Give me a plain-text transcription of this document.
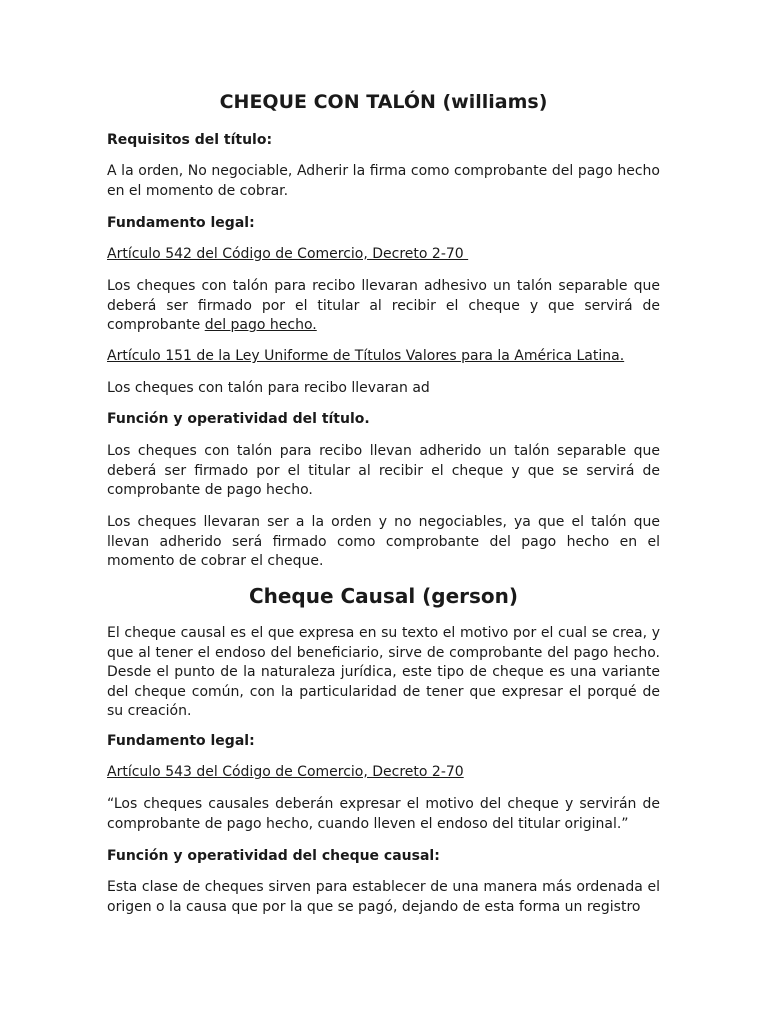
CHEQUE CON TALÓN (williams)

Requisitos del título:

A la orden, No negociable, Adherir la firma como comprobante del pago hecho en el momento de cobrar.

Fundamento legal:

Artículo 542 del Código de Comercio, Decreto 2-70

Los cheques con talón para recibo llevaran adhesivo un talón separable que deberá ser firmado por el titular al recibir el cheque y que servirá de comprobante del pago hecho.

Artículo 151 de la Ley Uniforme de Títulos Valores para la América Latina.

Los cheques con talón para recibo llevaran ad

Función y operatividad del título.

Los cheques con talón para recibo llevan adherido un talón separable que deberá ser firmado por el titular al recibir el cheque y que se servirá de comprobante de pago hecho.

Los cheques llevaran ser a la orden y no negociables, ya que el talón que llevan adherido será firmado como comprobante del pago hecho en el momento de cobrar el cheque.

Cheque Causal (gerson)

El cheque causal es el que expresa en su texto el motivo por el cual se crea, y que al tener el endoso del beneficiario, sirve de comprobante del pago hecho. Desde el punto de la naturaleza jurídica, este tipo de cheque es una variante del cheque común, con la particularidad de tener que expresar el porqué de su creación.

Fundamento legal:

Artículo 543 del Código de Comercio, Decreto 2-70

“Los cheques causales deberán expresar el motivo del cheque y servirán de comprobante de pago hecho, cuando lleven el endoso del titular original.”

Función y operatividad del cheque causal:

Esta clase de cheques sirven para establecer de una manera más ordenada el origen o la causa que por la que se pagó, dejando de esta forma un registro
